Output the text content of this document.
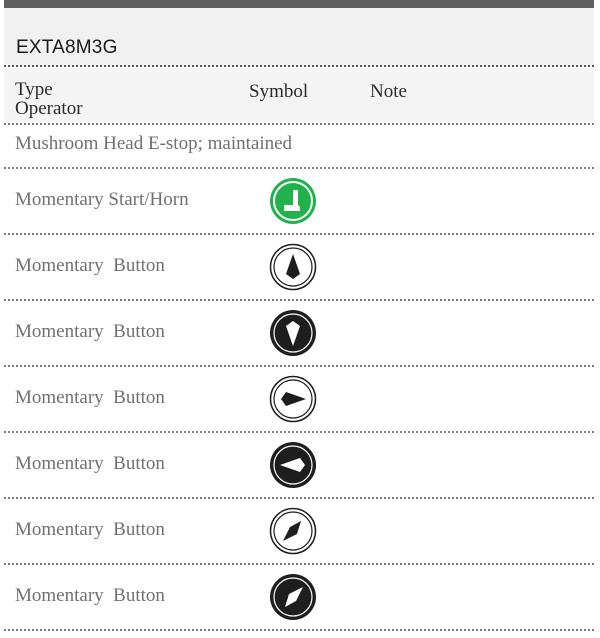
EXTA8M3G
Type
Operator
Symbol	Note
Mushroom Head E-stop; maintained
Momentary Start/Horn
Momentary  Button
Momentary  Button
Momentary  Button
Momentary  Button
Momentary  Button
Momentary  Button
